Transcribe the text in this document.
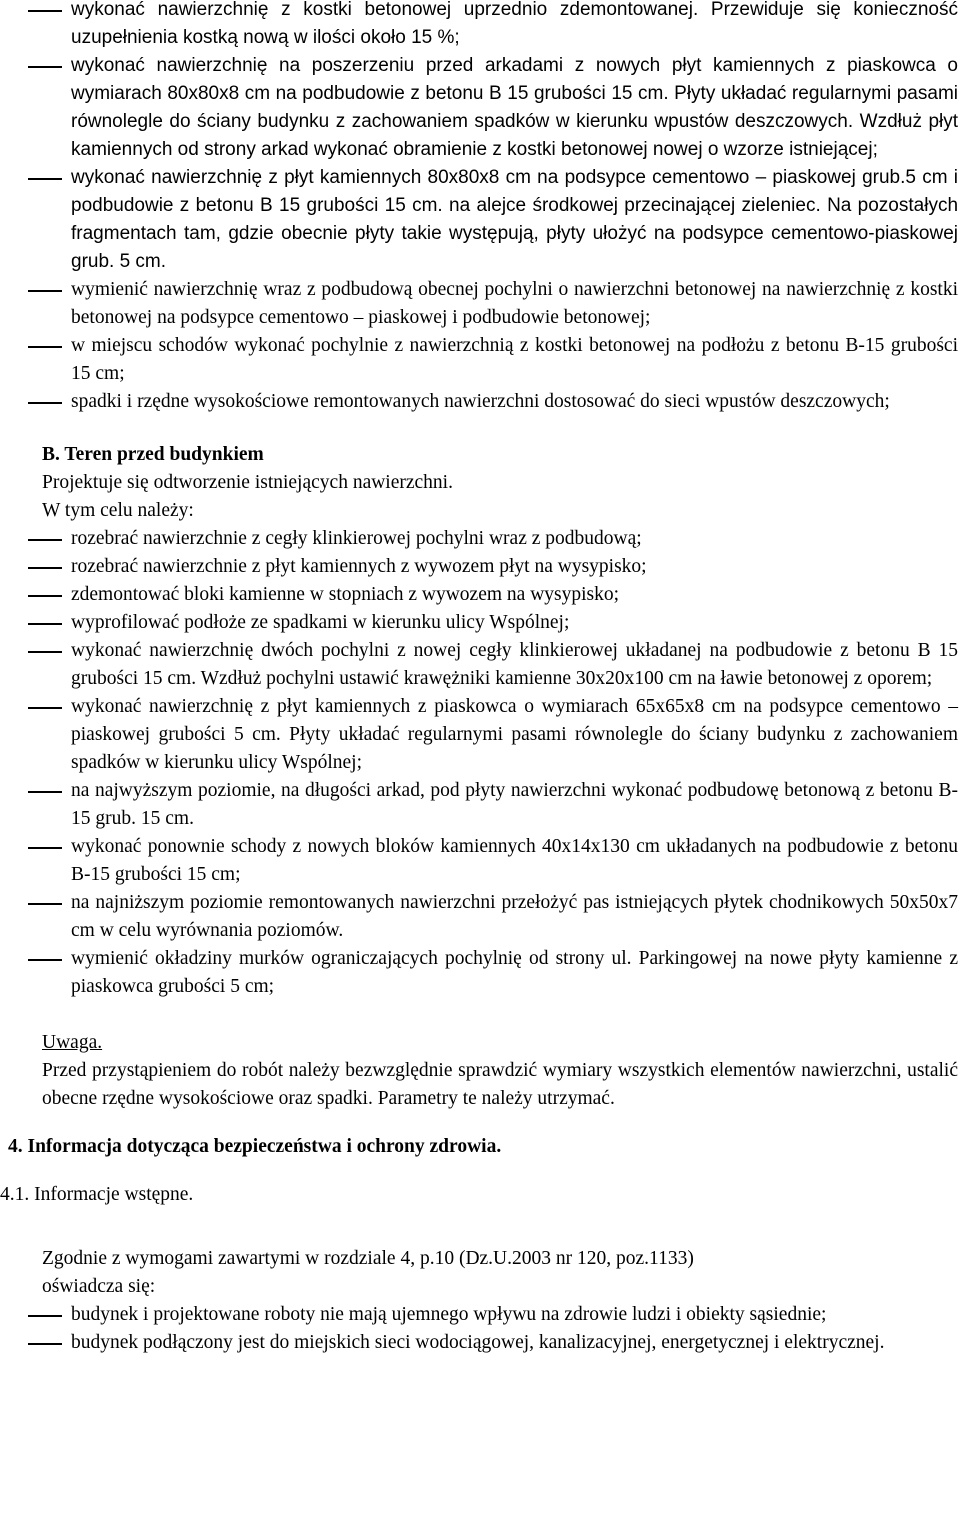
wykonać nawierzchnię z kostki betonowej uprzednio zdemontowanej. Przewiduje się konieczność uzupełnienia kostką nową w ilości około 15 %;
wykonać nawierzchnię na poszerzeniu przed arkadami z nowych płyt kamiennych z piaskowca o wymiarach 80x80x8 cm na podbudowie z betonu B 15 grubości 15 cm. Płyty układać regularnymi pasami równolegle do ściany budynku z zachowaniem spadków w kierunku wpustów deszczowych. Wzdłuż płyt kamiennych od strony arkad wykonać obramienie z kostki betonowej nowej o wzorze istniejącej;
wykonać nawierzchnię z płyt kamiennych 80x80x8 cm na podsypce cementowo – piaskowej grub.5 cm i podbudowie z betonu B 15 grubości 15 cm. na alejce środkowej przecinającej zieleniec. Na pozostałych fragmentach tam, gdzie obecnie płyty takie występują, płyty ułożyć na podsypce cementowo-piaskowej grub. 5 cm.
wymienić nawierzchnię wraz z podbudową obecnej pochylni o nawierzchni betonowej na nawierzchnię z kostki betonowej na podsypce cementowo – piaskowej i podbudowie betonowej;
w miejscu schodów wykonać pochylnie z nawierzchnią z kostki betonowej na podłożu z betonu B-15 grubości 15 cm;
spadki i rzędne wysokościowe remontowanych nawierzchni dostosować do sieci wpustów deszczowych;
B. Teren przed budynkiem
Projektuje się odtworzenie istniejących nawierzchni.
W tym celu należy:
rozebrać nawierzchnie z cegły klinkierowej pochylni wraz z podbudową;
rozebrać nawierzchnie z płyt kamiennych z wywozem płyt na wysypisko;
zdemontować bloki kamienne w stopniach z wywozem na wysypisko;
wyprofilować podłoże ze spadkami w kierunku ulicy Wspólnej;
wykonać nawierzchnię dwóch pochylni z nowej cegły klinkierowej układanej na podbudowie z betonu B 15 grubości 15 cm. Wzdłuż pochylni ustawić krawężniki kamienne 30x20x100 cm na ławie betonowej z oporem;
wykonać nawierzchnię z płyt kamiennych z piaskowca o wymiarach 65x65x8 cm na podsypce cementowo – piaskowej grubości 5 cm. Płyty układać regularnymi pasami równolegle do ściany budynku z zachowaniem spadków w kierunku ulicy Wspólnej;
na najwyższym poziomie, na długości arkad, pod płyty nawierzchni wykonać podbudowę betonową z betonu B-15 grub. 15 cm.
wykonać ponownie schody z nowych bloków kamiennych 40x14x130 cm układanych na podbudowie z betonu B-15 grubości 15 cm;
na najniższym poziomie remontowanych nawierzchni przełożyć pas istniejących płytek chodnikowych 50x50x7 cm w celu wyrównania poziomów.
wymienić okładziny murków ograniczających pochylnię od strony ul. Parkingowej na nowe płyty kamienne z piaskowca grubości 5 cm;
Uwaga.
Przed przystąpieniem do robót należy bezwzględnie sprawdzić wymiary wszystkich elementów nawierzchni, ustalić obecne rzędne wysokościowe oraz spadki. Parametry te należy utrzymać.
4. Informacja dotycząca bezpieczeństwa i ochrony zdrowia.
4.1. Informacje wstępne.
Zgodnie z wymogami zawartymi w rozdziale 4, p.10 (Dz.U.2003 nr 120, poz.1133)
oświadcza się:
budynek i projektowane roboty nie mają ujemnego wpływu na zdrowie ludzi i obiekty sąsiednie;
budynek podłączony jest do miejskich sieci wodociągowej, kanalizacyjnej, energetycznej i elektrycznej.
